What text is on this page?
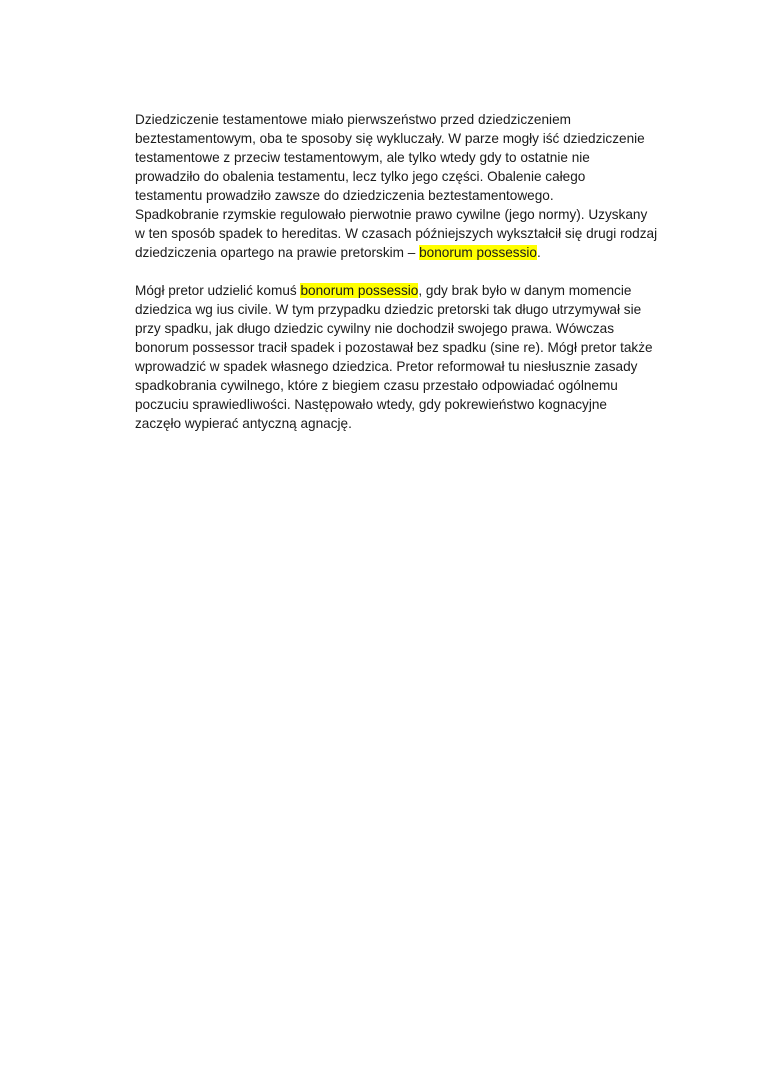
Dziedziczenie testamentowe miało pierwszeństwo przed dziedziczeniem
beztestamentowym, oba te sposoby się wykluczały. W parze mogły iść dziedziczenie
testamentowe z przeciw testamentowym, ale tylko wtedy gdy to ostatnie nie
prowadziło do obalenia testamentu, lecz tylko jego części. Obalenie całego
testamentu prowadziło zawsze do dziedziczenia beztestamentowego.
Spadkobranie rzymskie regulowało pierwotnie prawo cywilne (jego normy). Uzyskany
w ten sposób spadek to hereditas. W czasach późniejszych wykształcił się drugi rodzaj
dziedziczenia opartego na prawie pretorskim – bonorum possessio.
Mógł pretor udzielić komuś bonorum possessio, gdy brak było w danym momencie
dziedzica wg ius civile. W tym przypadku dziedzic pretorski tak długo utrzymywał sie
przy spadku, jak długo dziedzic cywilny nie dochodził swojego prawa. Wówczas
bonorum possessor tracił spadek i pozostawał bez spadku (sine re). Mógł pretor także
wprowadzić w spadek własnego dziedzica. Pretor reformował tu niesłusznie zasady
spadkobrania cywilnego, które z biegiem czasu przestało odpowiadać ogólnemu
poczuciu sprawiedliwości. Następowało wtedy, gdy pokrewieństwo kognacyjne
zaczęło wypierać antyczną agnację.
